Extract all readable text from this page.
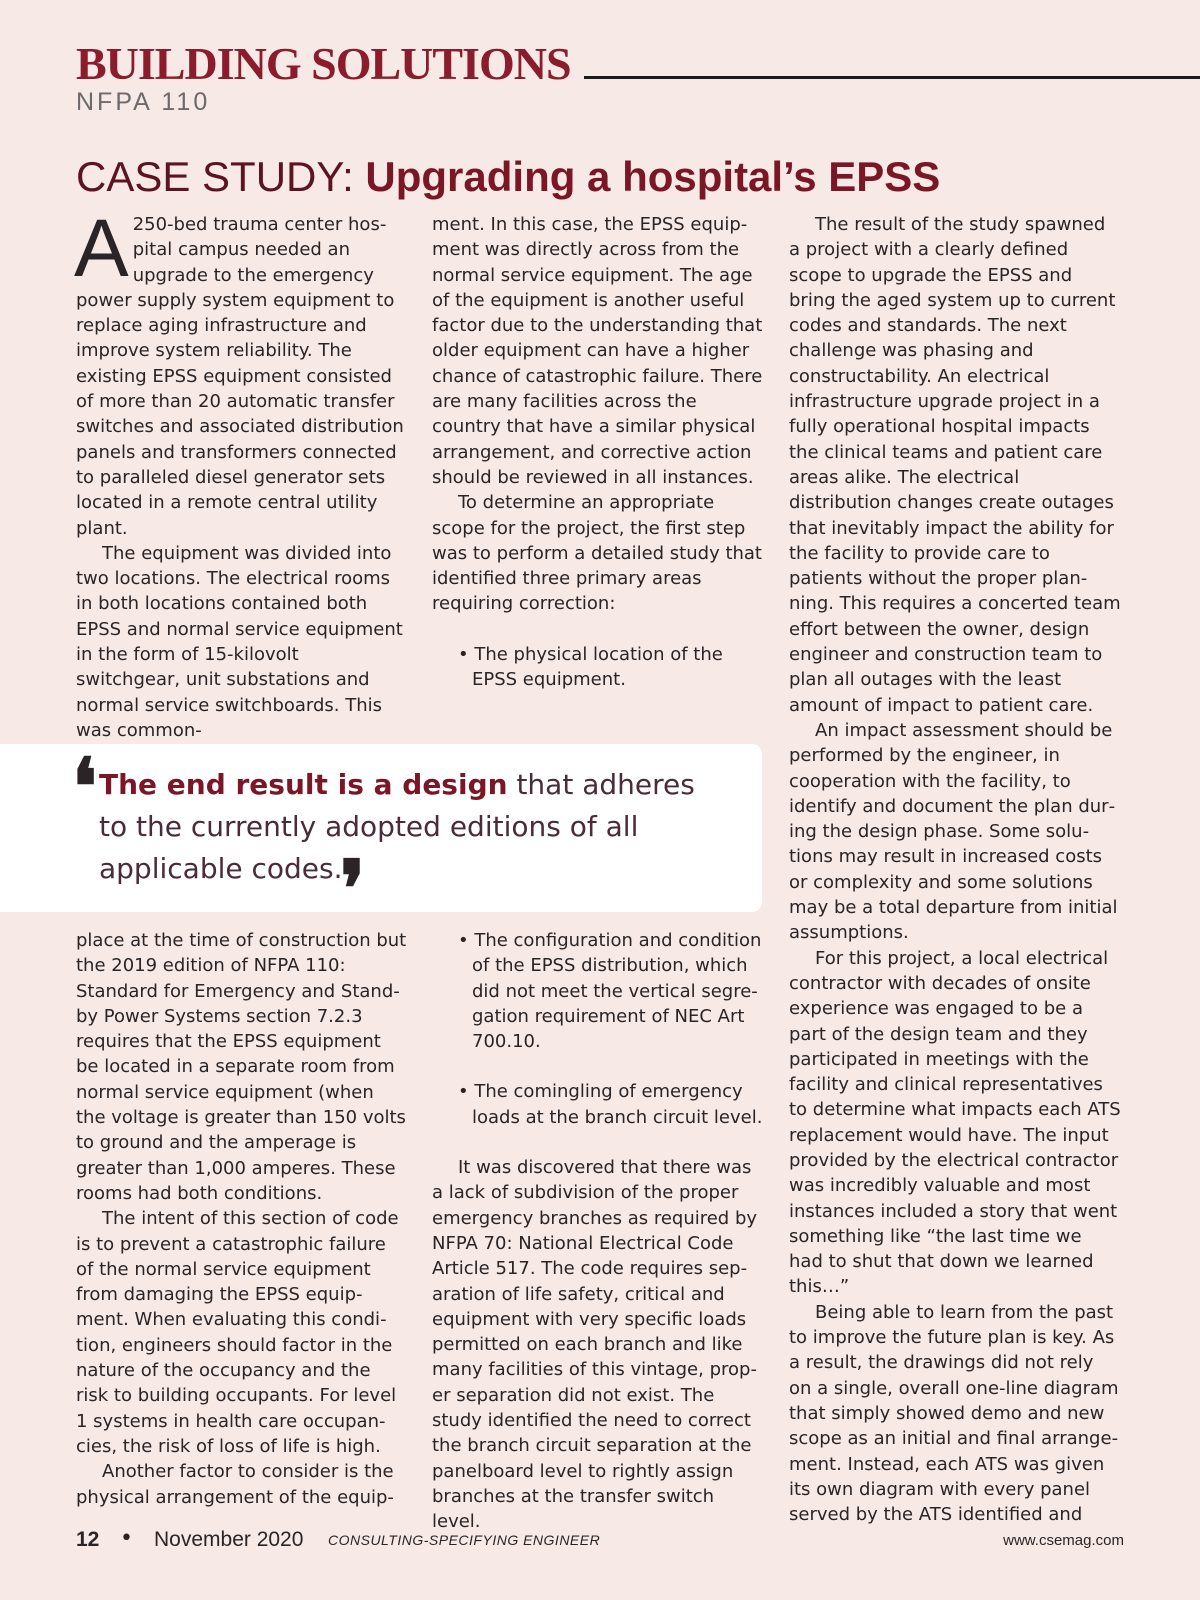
BUILDING SOLUTIONS
NFPA 110
CASE STUDY: Upgrading a hospital’s EPSS

A 250-bed trauma center hospital campus needed an upgrade to the emergency power supply system equipment to replace aging infrastructure and improve system reliability. The existing EPSS equipment consisted of more than 20 automatic transfer switches and associated distribution panels and transformers connected to paralleled diesel generator sets located in a remote central utility plant.

The equipment was divided into two locations. The electrical rooms in both locations contained both EPSS and normal service equipment in the form of 15-kilovolt switchgear, unit substations and normal service switchboards. This was common-

ment. In this case, the EPSS equipment was directly across from the normal service equipment. The age of the equipment is another useful factor due to the understanding that older equipment can have a higher chance of catastrophic failure. There are many facilities across the country that have a similar physical arrangement, and corrective action should be reviewed in all instances.

To determine an appropriate scope for the project, the first step was to perform a detailed study that identified three primary areas requiring correction:

• The physical location of the EPSS equipment.

The result of the study spawned a project with a clearly defined scope to upgrade the EPSS and bring the aged system up to current codes and standards. The next challenge was phasing and constructability. An electrical infrastructure upgrade project in a fully operational hospital impacts the clinical teams and patient care areas alike. The electrical distribution changes create outages that inevitably impact the ability for the facility to provide care to patients without the proper planning. This requires a concerted team effort between the owner, design engineer and construction team to plan all outages with the least amount of impact to patient care.

An impact assessment should be performed by the engineer, in cooperation with the facility, to identify and document the plan during the design phase. Some solutions may result in increased costs or complexity and some solutions may be a total departure from initial assumptions.

For this project, a local electrical contractor with decades of onsite experience was engaged to be a part of the design team and they participated in meetings with the facility and clinical representatives to determine what impacts each ATS replacement would have. The input provided by the electrical contractor was incredibly valuable and most instances included a story that went something like “the last time we had to shut that down we learned this…”

Being able to learn from the past to improve the future plan is key. As a result, the drawings did not rely on a single, overall one-line diagram that simply showed demo and new scope as an initial and final arrangement. Instead, each ATS was given its own diagram with every panel served by the ATS identified and

❛ The end result is a design that adheres to the currently adopted editions of all applicable codes.
❜

place at the time of construction but the 2019 edition of NFPA 110: Standard for Emergency and Standby Power Systems section 7.2.3 requires that the EPSS equipment be located in a separate room from normal service equipment (when the voltage is greater than 150 volts to ground and the amperage is greater than 1,000 amperes. These rooms had both conditions.

The intent of this section of code is to prevent a catastrophic failure of the normal service equipment from damaging the EPSS equipment. When evaluating this condition, engineers should factor in the nature of the occupancy and the risk to building occupants. For level 1 systems in health care occupancies, the risk of loss of life is high.

Another factor to consider is the physical arrangement of the equip-

• The configuration and condition of the EPSS distribution, which did not meet the vertical segregation requirement of NEC Art 700.10.

• The comingling of emergency loads at the branch circuit level.

It was discovered that there was a lack of subdivision of the proper emergency branches as required by NFPA 70: National Electrical Code Article 517. The code requires separation of life safety, critical and equipment with very specific loads permitted on each branch and like many facilities of this vintage, proper separation did not exist. The study identified the need to correct the branch circuit separation at the panelboard level to rightly assign branches at the transfer switch level.

12 • November 2020 CONSULTING-SPECIFYING ENGINEER	www.csemag.com
